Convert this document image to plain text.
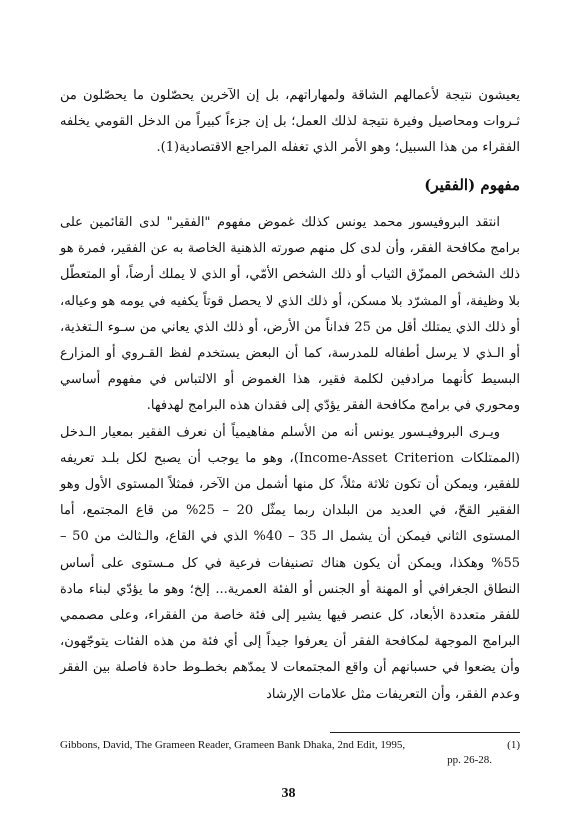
يعيشون نتيجة لأعمالهم الشاقة ولمهاراتهم، بل إن الآخرين يحصّلون ما يحصّلون من ثـروات ومحاصيل وفيرة نتيجة لذلك العمل؛ بل إن جزءاً كبيراً من الدخل القومي يخلفه الفقراء من هذا السبيل؛ وهو الأمر الذي تغفله المراجع الاقتصادية(1).

مفهوم (الفقير)

انتقد البروفيسور محمد يونس كذلك غموض مفهوم "الفقير" لدى القائمين على برامج مكافحة الفقر، وأن لدى كل منهم صورته الذهنية الخاصة به عن الفقير، فمرة هو ذلك الشخص الممزّق الثياب أو ذلك الشخص الأمّي، أو الذي لا يملك أرضاً، أو المتعطّل بلا وظيفة، أو المشرّد بلا مسكن، أو ذلك الذي لا يحصل قوتاً يكفيه في يومه هو وعياله، أو ذلك الذي يمتلك أقل من 25 فداناً من الأرض، أو ذلك الذي يعاني من سـوء الـتغذية، أو الـذي لا يرسل أطفاله للمدرسة، كما أن البعض يستخدم لفظ القـروي أو المزارع البسيط كأنهما مرادفين لكلمة فقير، هذا الغموض أو الالتباس في مفهوم أساسي ومحوري في برامج مكافحة الفقر يؤدّي إلى فقدان هذه البرامج لهدفها.

ويـرى البروفيـسور يونس أنه من الأسلم مفاهيمياً أن نعرف الفقير بمعيار الـدخل (الممتلكات Income-Asset Criterion)، وهو ما يوجب أن يصبح لكل بلـد تعريفه للفقير، ويمكن أن تكون ثلاثة مثلاً، كل منها أشمل من الآخر، فمثلاً المستوى الأول وهو الفقير القحّ، في العديد من البلدان ربما يمثّل 20 – 25% من قاع المجتمع، أما المستوى الثاني فيمكن أن يشمل الـ 35 – 40% الذي في القاع، والـثالث من 50 – 55% وهكذا، ويمكن أن يكون هناك تصنيفات فرعية في كل مـستوى على أساس النطاق الجغرافي أو المهنة أو الجنس أو الفئة العمرية... إلخ؛ وهو ما يؤدّي لبناء مادة للفقر متعددة الأبعاد، كل عنصر فيها يشير إلى فئة خاصة من الفقراء، وعلى مصممي البرامج الموجهة لمكافحة الفقر أن يعرفوا جيداً إلى أي فئة من هذه الفئات يتوجّهون، وأن يضعوا في حسبانهم أن واقع المجتمعات لا يمدّهم بخطـوط حادة فاصلة بين الفقر وعدم الفقر، وأن التعريفات مثل علامات الإرشاد

Gibbons, David, The Grameen Reader, Grameen Bank Dhaka, 2nd Edit, 1995,	(1)
pp. 26-28.
38
